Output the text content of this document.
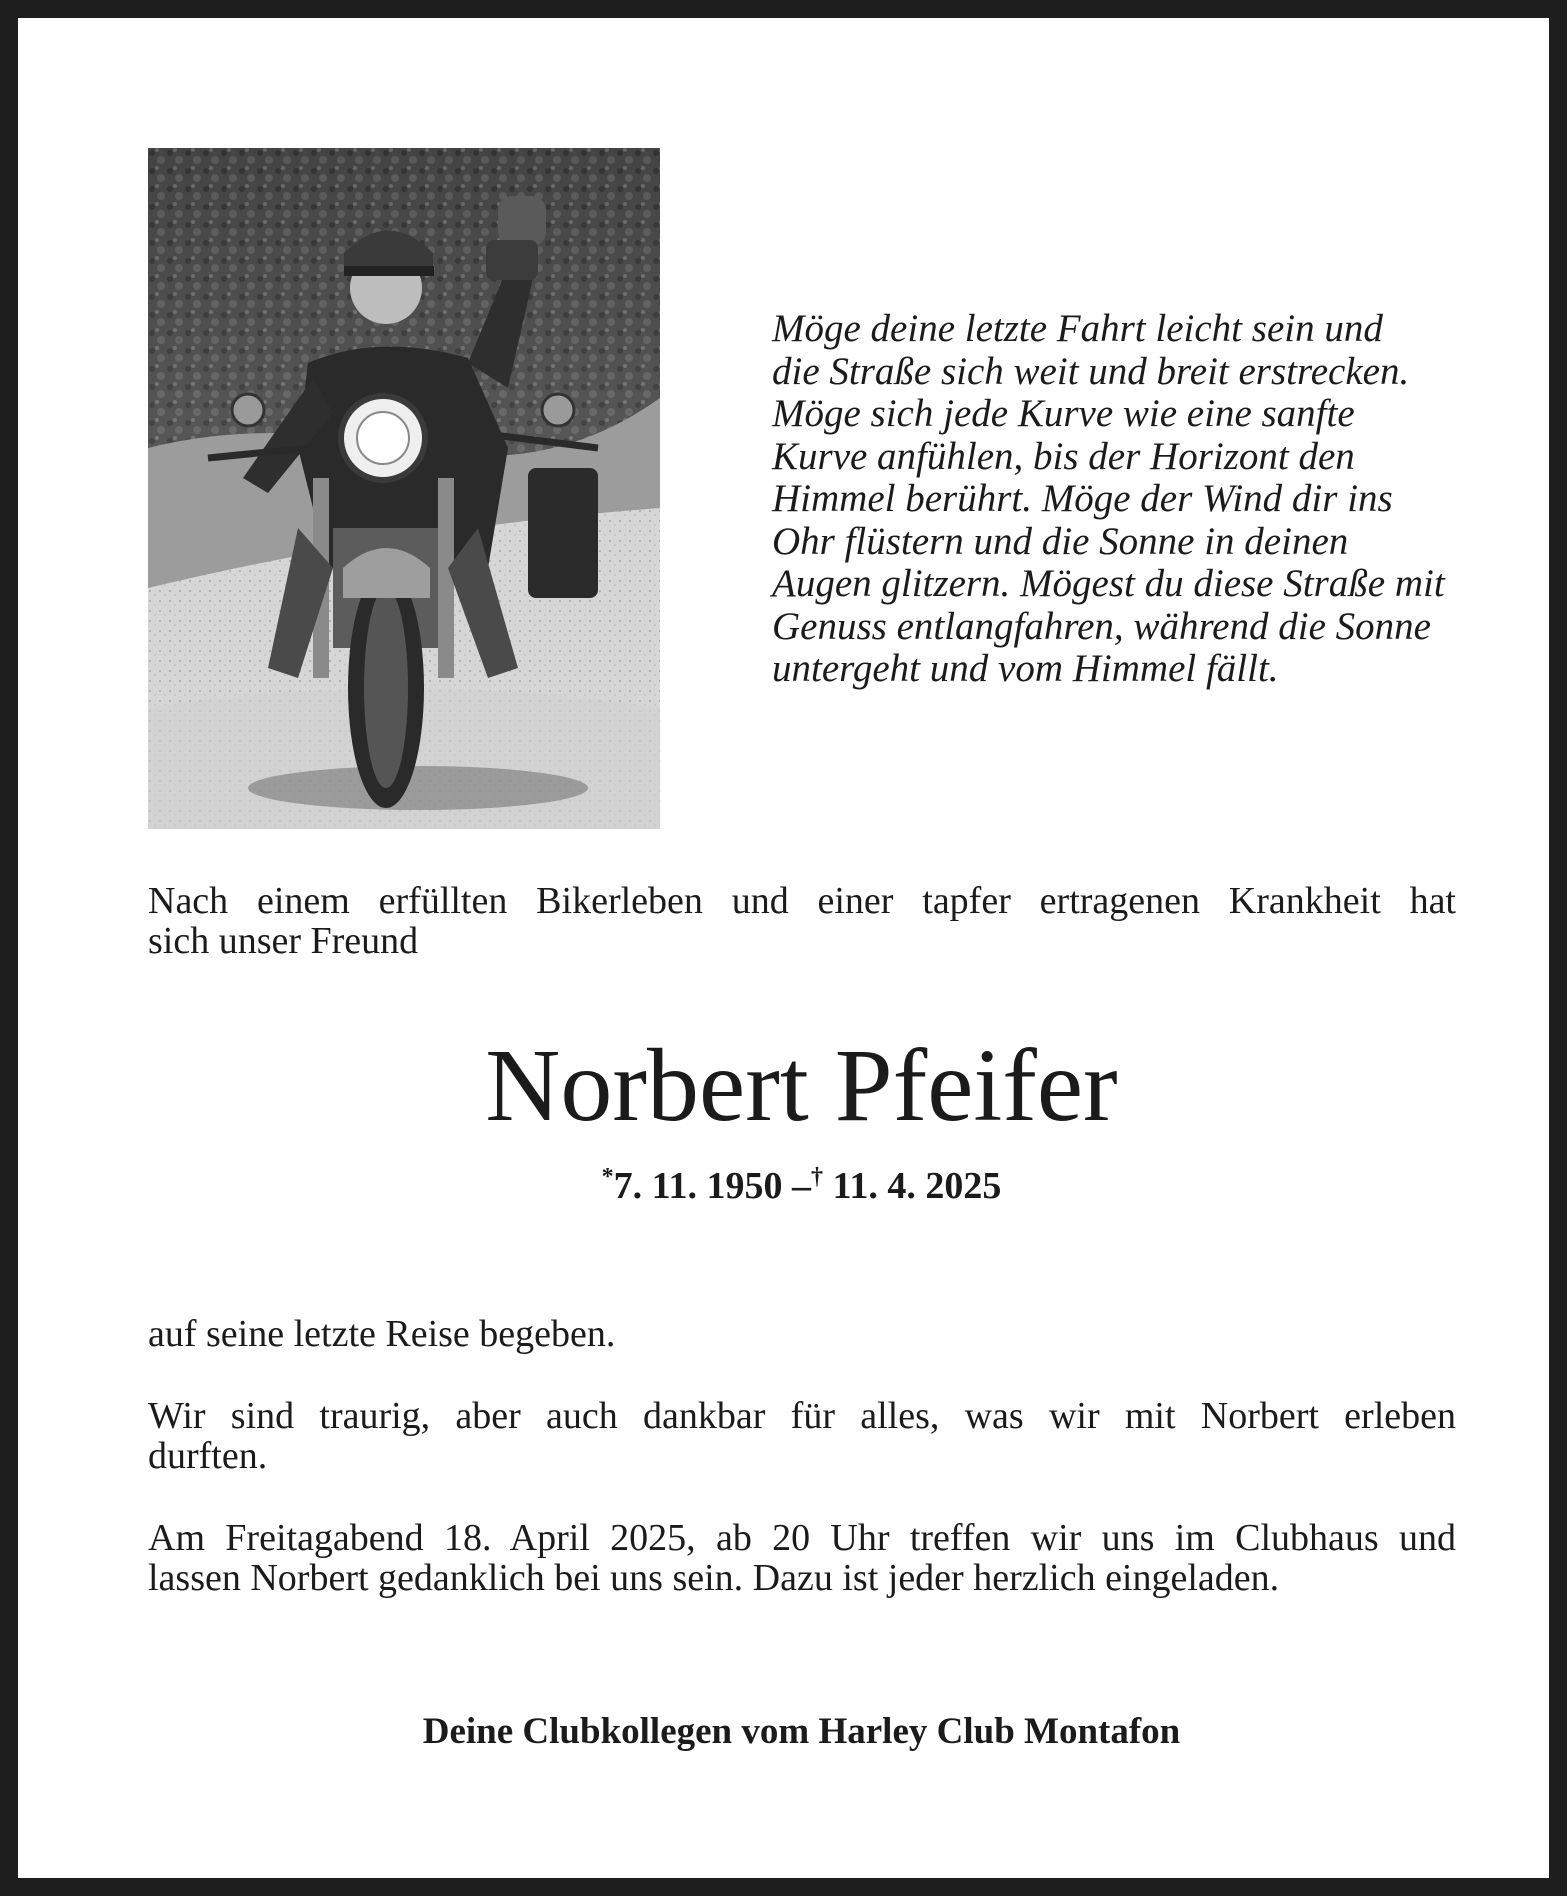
Möge deine letzte Fahrt leicht sein und
die Straße sich weit und breit erstrecken.
Möge sich jede Kurve wie eine sanfte
Kurve anfühlen, bis der Horizont den
Himmel berührt. Möge der Wind dir ins
Ohr flüstern und die Sonne in deinen
Augen glitzern. Mögest du diese Straße mit
Genuss entlangfahren, während die Sonne
untergeht und vom Himmel fällt.
Nach einem erfüllten Bikerleben und einer tapfer ertragenen Krankheit hat
sich unser Freund
Norbert Pfeifer
*7. 11. 1950 –† 11. 4. 2025
auf seine letzte Reise begeben.
Wir sind traurig, aber auch dankbar für alles, was wir mit Norbert erleben
durften.
Am Freitagabend 18. April 2025, ab 20 Uhr treffen wir uns im Clubhaus und
lassen Norbert gedanklich bei uns sein. Dazu ist jeder herzlich eingeladen.
Deine Clubkollegen vom Harley Club Montafon
